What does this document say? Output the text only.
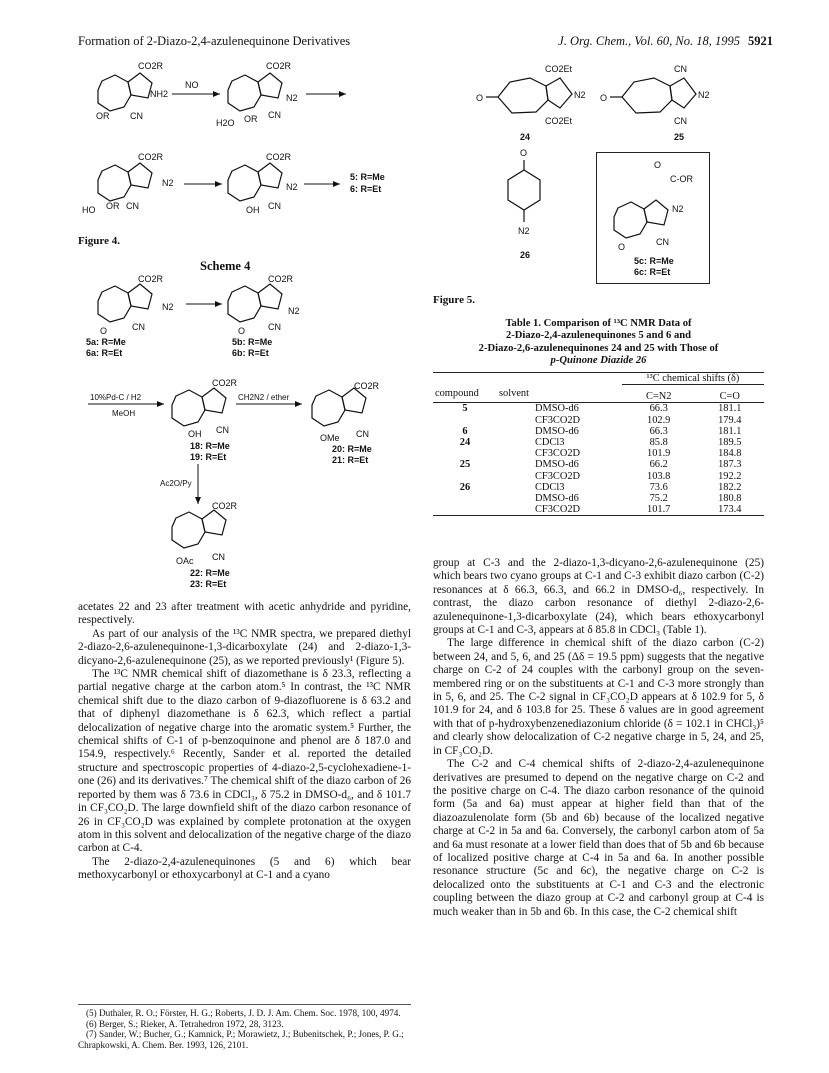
Formation of 2-Diazo-2,4-azulenequinone Derivatives	J. Org. Chem., Vol. 60, No. 18, 1995 5921
CO2R
NH2
OR CN
NO
CO2R
N2
H2O OR CN
CO2R
N2
HO OR CN
CO2R
N2
OH CN
5: R=Me
6: R=Et
CO2R
N2
O	CN
5a: R=Me
6a: R=Et
CO2R
N2
O	CN
5b: R=Me
6b: R=Et
10%Pd-C / H2
MeOH
CO2R
OH CN
18: R=Me
19: R=Et
CH2N2 / ether
CO2R
OMe CN
20: R=Me
21: R=Et
Ac2O/Py
CO2R
OAc CN
22: R=Me
23: R=Et
CO2Et
O	N2
CO2Et
24
CN
O	N2
CN
25
O
N2
26
O
C-OR
N2
O	CN
5c: R=Me
6c: R=Et
Figure 4.
Scheme 4
Figure 5.
Table 1. Comparison of ¹³C NMR Data of
2-Diazo-2,4-azulenequinones 5 and 6 and
2-Diazo-2,6-azulenequinones 24 and 25 with Those of
p-Quinone Diazide 26
		¹³C chemical shifts (δ)	
compound	solvent	C=N2	C=O
5	DMSO-d6	66.3	181.1
	CF3CO2D	102.9	179.4
6	DMSO-d6	66.3	181.1
24	CDCl3	85.8	189.5
	CF3CO2D	101.9	184.8
25	DMSO-d6	66.2	187.3
	CF3CO2D	103.8	192.2
26	CDCl3	73.6	182.2
	DMSO-d6	75.2	180.8
	CF3CO2D	101.7	173.4

acetates 22 and 23 after treatment with acetic anhydride and pyridine, respectively.

As part of our analysis of the ¹³C NMR spectra, we prepared diethyl 2-diazo-2,6-azulenequinone-1,3-dicarboxylate (24) and 2-diazo-1,3-dicyano-2,6-azulenequinone (25), as we reported previously¹ (Figure 5).

The ¹³C NMR chemical shift of diazomethane is δ 23.3, reflecting a partial negative charge at the carbon atom.⁵ In contrast, the ¹³C NMR chemical shift due to the diazo carbon of 9-diazofluorene is δ 63.2 and that of diphenyl diazomethane is δ 62.3, which reflect a partial delocalization of negative charge into the aromatic system.⁵ Further, the chemical shifts of C-1 of p-benzoquinone and phenol are δ 187.0 and 154.9, respectively.⁶ Recently, Sander et al. reported the detailed structure and spectroscopic properties of 4-diazo-2,5-cyclohexadiene-1-one (26) and its derivatives.⁷ The chemical shift of the diazo carbon of 26 reported by them was δ 73.6 in CDCl₃, δ 75.2 in DMSO-d₆, and δ 101.7 in CF₃CO₂D. The large downfield shift of the diazo carbon resonance of 26 in CF₃CO₂D was explained by complete protonation at the oxygen atom in this solvent and delocalization of the negative charge of the diazo carbon at C-4.

The 2-diazo-2,4-azulenequinones (5 and 6) which bear methoxycarbonyl or ethoxycarbonyl at C-1 and a cyano

(5) Duthaler, R. O.; Förster, H. G.; Roberts, J. D. J. Am. Chem. Soc. 1978, 100, 4974.

(6) Berger, S.; Rieker, A. Tetrahedron 1972, 28, 3123.

(7) Sander, W.; Bucher, G.; Kamnick, P.; Morawietz, J.; Bubenitschek, P.; Jones, P. G.; Chrapkowski, A. Chem. Ber. 1993, 126, 2101.

group at C-3 and the 2-diazo-1,3-dicyano-2,6-azulenequinone (25) which bears two cyano groups at C-1 and C-3 exhibit diazo carbon (C-2) resonances at δ 66.3, 66.3, and 66.2 in DMSO-d₆, respectively. In contrast, the diazo carbon resonance of diethyl 2-diazo-2,6-azulenequinone-1,3-dicarboxylate (24), which bears ethoxycarbonyl groups at C-1 and C-3, appears at δ 85.8 in CDCl₃ (Table 1).

The large difference in chemical shift of the diazo carbon (C-2) between 24, and 5, 6, and 25 (Δδ = 19.5 ppm) suggests that the negative charge on C-2 of 24 couples with the carbonyl group on the seven-membered ring or on the substituents at C-1 and C-3 more strongly than in 5, 6, and 25. The C-2 signal in CF₃CO₂D appears at δ 102.9 for 5, δ 101.9 for 24, and δ 103.8 for 25. These δ values are in good agreement with that of p-hydroxybenzenediazonium chloride (δ = 102.1 in CHCl₃)⁵ and clearly show delocalization of C-2 negative charge in 5, 24, and 25, in CF₃CO₂D.

The C-2 and C-4 chemical shifts of 2-diazo-2,4-azulenequinone derivatives are presumed to depend on the negative charge on C-2 and the positive charge on C-4. The diazo carbon resonance of the quinoid form (5a and 6a) must appear at higher field than that of the diazoazulenolate form (5b and 6b) because of the localized negative charge at C-2 in 5a and 6a. Conversely, the carbonyl carbon atom of 5a and 6a must resonate at a lower field than does that of 5b and 6b because of localized positive charge at C-4 in 5a and 6a. In another possible resonance structure (5c and 6c), the negative charge on C-2 is delocalized onto the substituents at C-1 and C-3 and the electronic coupling between the diazo group at C-2 and carbonyl group at C-4 is much weaker than in 5b and 6b. In this case, the C-2 chemical shift
